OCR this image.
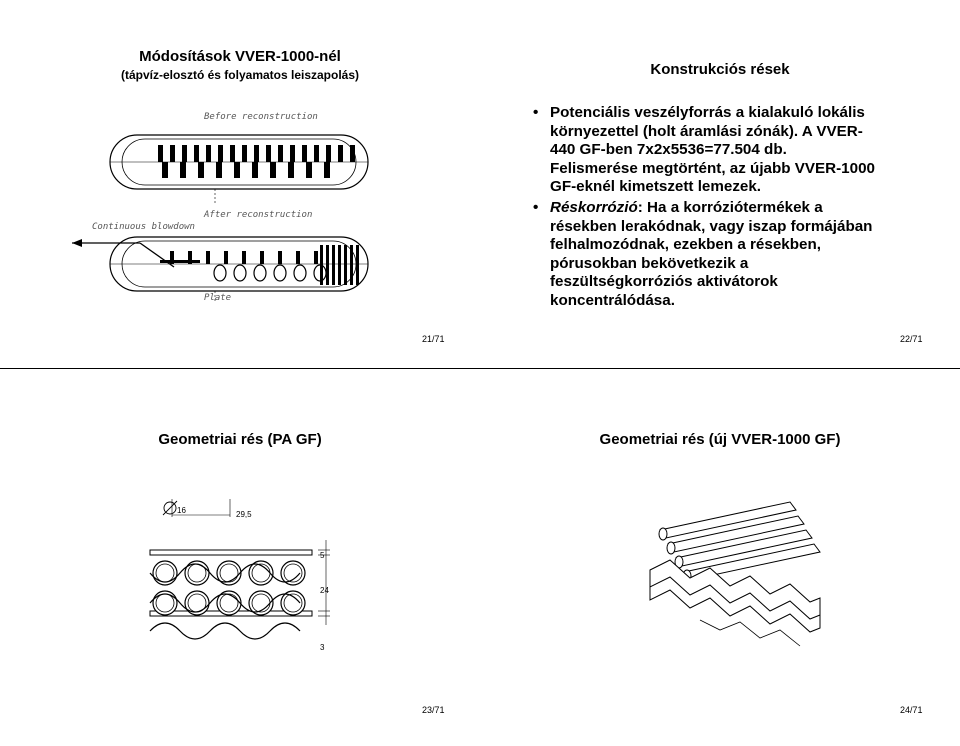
Módosítások VVER-1000-nél
(tápvíz-elosztó és folyamatos leiszapolás)
Before reconstruction
Continuous blowdown
After reconstruction
Plate
21/71
Konstrukciós rések
• Potenciális veszélyforrás a kialakuló lokális
környezettel (holt áramlási zónák). A VVER-
440 GF-ben 7x2x5536=77.504 db.
Felismerése megtörtént, az újabb VVER-1000
GF-eknél kimetszett lemezek.
• Réskorrózió: Ha a korróziótermékek a
résekben lerakódnak, vagy iszap formájában
felhalmozódnak, ezekben a résekben,
pórusokban bekövetkezik a
feszültségkorróziós aktivátorok
koncentrálódása.
22/71
Geometriai rés (PA GF)
16	29,5
5
24
3
23/71
Geometriai rés (új VVER-1000 GF)
24/71
